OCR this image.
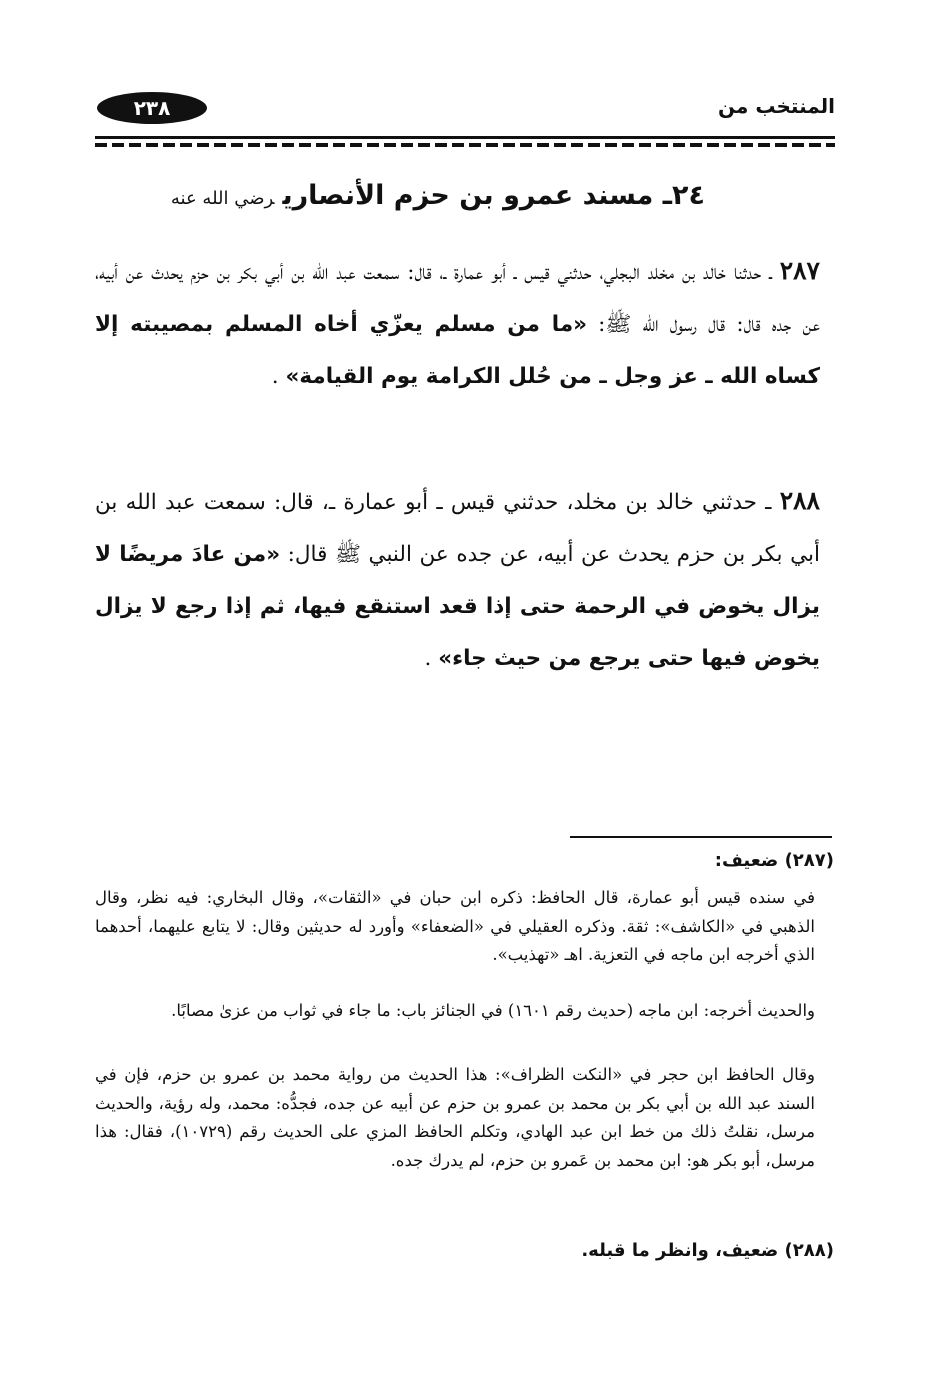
٢٣٨	المنتخب من
٢٤ـ مسند عمرو بن حزم الأنصاريرضي الله عنه

٢٨٧ ـ حدثنا خالد بن مخلد البجلي، حدثني قيس ـ أبو عمارة ـ، قال: سمعت عبد الله بن أبي بكر بن حزم يحدث عن أبيه، عن جده قال: قال رسول الله ﷺ: «ما من مسلم يعزّي أخاه المسلم بمصيبته إلا كساه الله ـ عز وجل ـ من حُلل الكرامة يوم القيامة» .

٢٨٨ ـ حدثني خالد بن مخلد، حدثني قيس ـ أبو عمارة ـ، قال: سمعت عبد الله بن أبي بكر بن حزم يحدث عن أبيه، عن جده عن النبي ﷺ قال: «من عادَ مريضًا لا يزال يخوض في الرحمة حتى إذا قعد استنقع فيها، ثم إذا رجع لا يزال يخوض فيها حتى يرجع من حيث جاء» .

(٢٨٧) ضعيف:

في سنده قيس أبو عمارة، قال الحافظ: ذكره ابن حبان في «الثقات»، وقال البخاري: فيه نظر، وقال الذهبي في «الكاشف»: ثقة. وذكره العقيلي في «الضعفاء» وأورد له حديثين وقال: لا يتابع عليهما، أحدهما الذي أخرجه ابن ماجه في التعزية. اهـ «تهذيب».

والحديث أخرجه: ابن ماجه (حديث رقم ١٦٠١) في الجنائز باب: ما جاء في ثواب من عزىٰ مصابًا.

وقال الحافظ ابن حجر في «النكت الظراف»: هذا الحديث من رواية محمد بن عمرو بن حزم، فإن في السند عبد الله بن أبي بكر بن محمد بن عمرو بن حزم عن أبيه عن جده، فجدُّه: محمد، وله رؤية، والحديث مرسل، نقلتُ ذلك من خط ابن عبد الهادي، وتكلم الحافظ المزي على الحديث رقم (١٠٧٢٩)، فقال: هذا مرسل، أبو بكر هو: ابن محمد بن عَمرو بن حزم، لم يدرك جده.

(٢٨٨) ضعيف، وانظر ما قبله.
